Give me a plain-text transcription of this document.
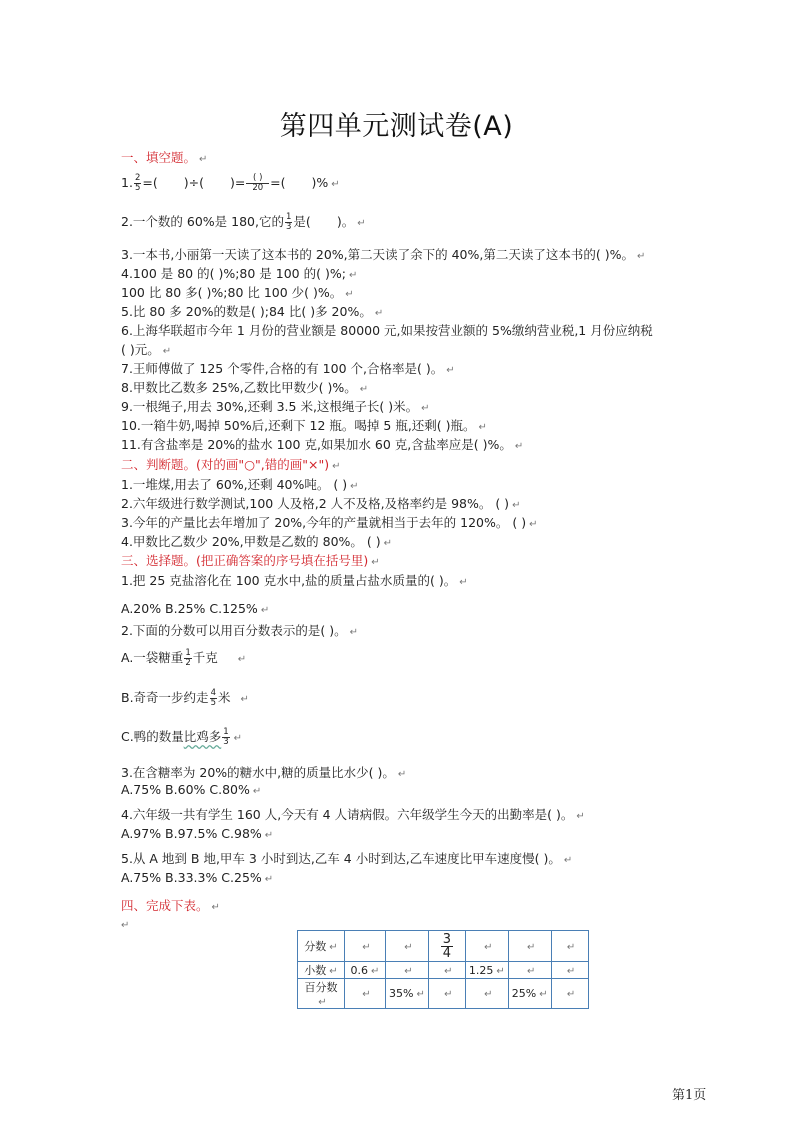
第四单元测试卷(A)
一、填空题。 ↵
1. $\frac{2}{5}$ =( )÷( )= $\frac{( )}{20}$ =( )% ↵
2.一个数的 60%是 180,它的 $\frac{1}{3}$ 是( )。 ↵
3.一本书,小丽第一天读了这本书的 20%,第二天读了余下的 40%,第二天读了这本书的( )%。 ↵
4.100 是 80 的( )%;80 是 100 的( )%; ↵
100 比 80 多( )%;80 比 100 少( )%。 ↵
5.比 80 多 20%的数是( );84 比( )多 20%。 ↵
6.上海华联超市今年 1 月份的营业额是 80000 元,如果按营业额的 5%缴纳营业税,1 月份应纳税
( )元。 ↵
7.王师傅做了 125 个零件,合格的有 100 个,合格率是( )。 ↵
8.甲数比乙数多 25%,乙数比甲数少( )%。 ↵
9.一根绳子,用去 30%,还剩 3.5 米,这根绳子长( )米。 ↵
10.一箱牛奶,喝掉 50%后,还剩下 12 瓶。喝掉 5 瓶,还剩( )瓶。 ↵
11.有含盐率是 20%的盐水 100 克,如果加水 60 克,含盐率应是( )%。 ↵
二、判断题。(对的画"○",错的画"×") ↵
1.一堆煤,用去了 60%,还剩 40%吨。 ( ) ↵
2.六年级进行数学测试,100 人及格,2 人不及格,及格率约是 98%。 ( ) ↵
3.今年的产量比去年增加了 20%,今年的产量就相当于去年的 120%。 ( ) ↵
4.甲数比乙数少 20%,甲数是乙数的 80%。 ( ) ↵
三、选择题。(把正确答案的序号填在括号里) ↵
1.把 25 克盐溶化在 100 克水中,盐的质量占盐水质量的( )。 ↵
A.20% B.25% C.125% ↵
2.下面的分数可以用百分数表示的是( )。 ↵
A.一袋糖重 $\frac{1}{2}$ 千克 ↵
B.奇奇一步约走 $\frac{4}{5}$ 米 ↵
C.鸭的数量比鸡多 $\frac{1}{3}$ ↵
3.在含糖率为 20%的糖水中,糖的质量比水少( )。 ↵
A.75% B.60% C.80% ↵
4.六年级一共有学生 160 人,今天有 4 人请病假。六年级学生今天的出勤率是( )。 ↵
A.97% B.97.5% C.98% ↵
5.从 A 地到 B 地,甲车 3 小时到达,乙车 4 小时到达,乙车速度比甲车速度慢( )。 ↵
A.75% B.33.3% C.25% ↵
四、完成下表。 ↵
↵
分数 ↵	↵	↵	$\frac{3}{4}$	↵	↵	↵
小数 ↵	0.6 ↵	↵	↵	1.25 ↵	↵	↵
百分数↵	↵	35% ↵	↵	↵	25% ↵	↵
第1页
